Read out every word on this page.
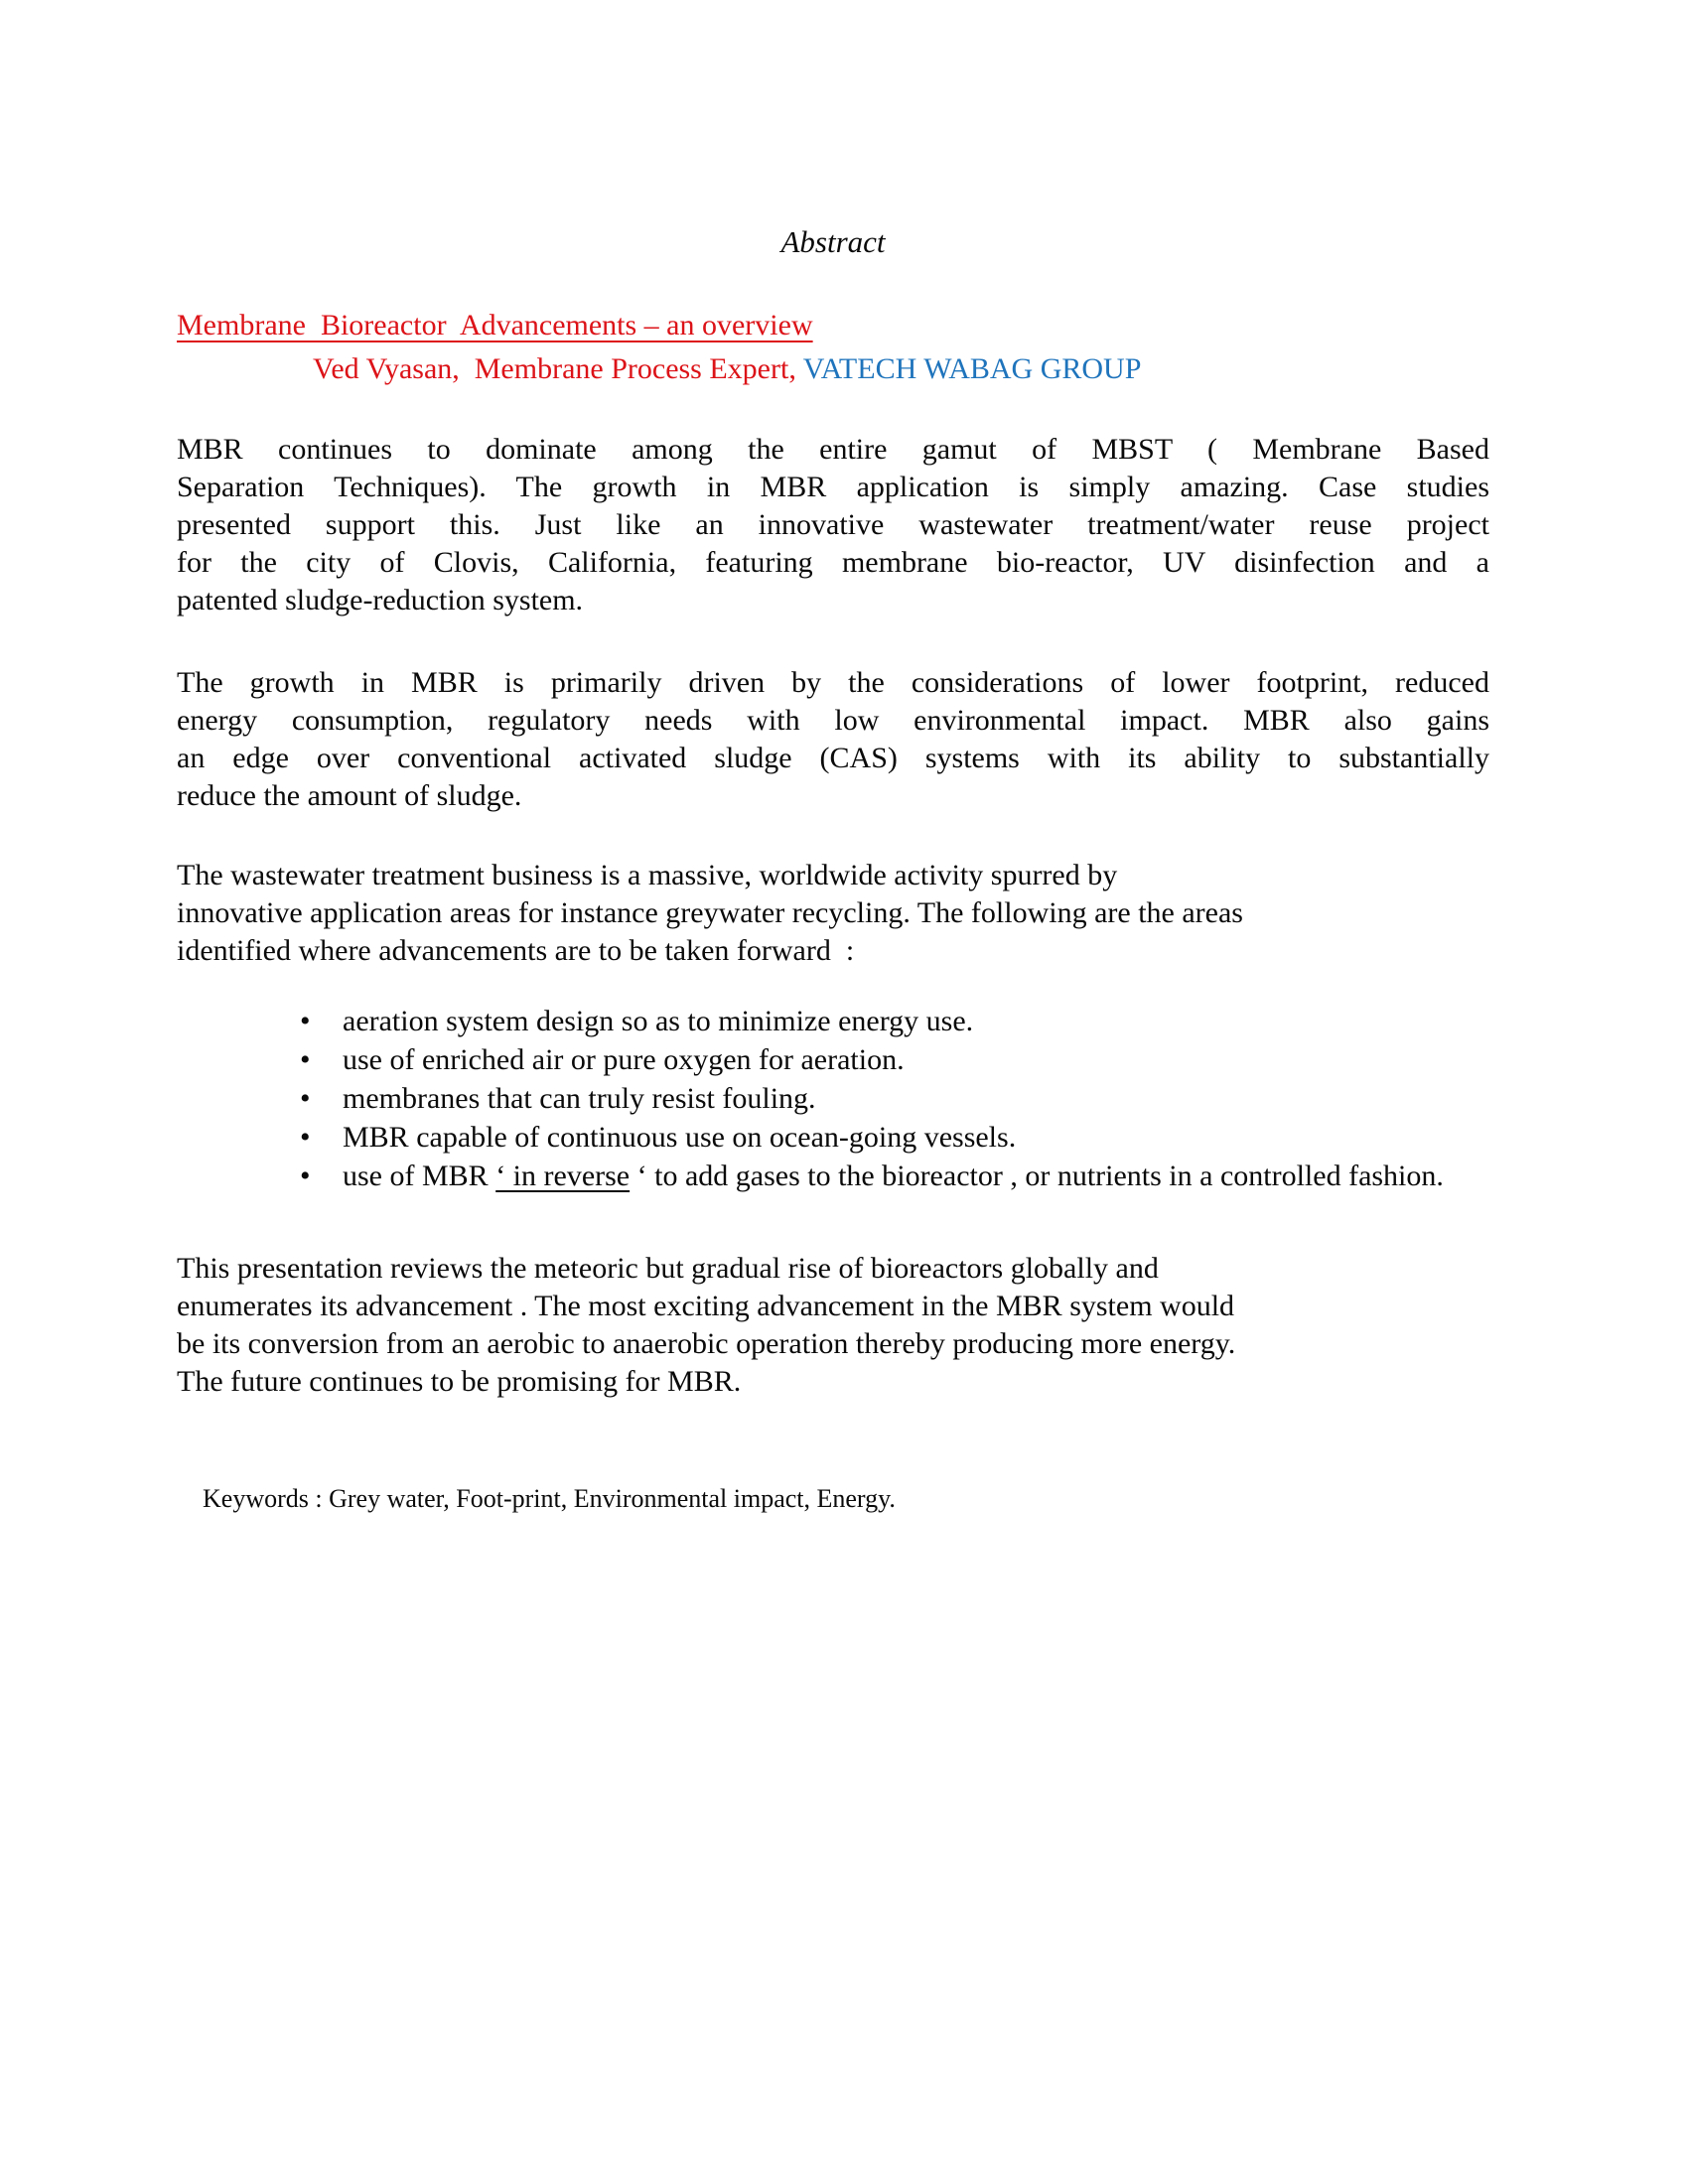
Abstract
Membrane  Bioreactor  Advancements – an overview
Ved Vyasan,  Membrane Process Expert, VATECH WABAG GROUP
MBR continues to dominate among the entire gamut of MBST ( Membrane Based
Separation Techniques). The growth in MBR application is simply amazing. Case studies
presented support this. Just like an innovative wastewater treatment/water reuse project
for the city of Clovis, California, featuring membrane bio-reactor, UV disinfection and a
patented sludge-reduction system.
The growth in MBR is primarily driven by the considerations of lower footprint, reduced
energy consumption, regulatory needs with low environmental impact. MBR also gains
an edge over conventional activated sludge (CAS) systems with its ability to substantially
reduce the amount of sludge.
The wastewater treatment business is a massive, worldwide activity spurred by
innovative application areas for instance greywater recycling. The following are the areas
identified where advancements are to be taken forward  :
• aeration system design so as to minimize energy use.
• use of enriched air or pure oxygen for aeration.
• membranes that can truly resist fouling.
• MBR capable of continuous use on ocean-going vessels.
• use of MBR ‘ in reverse ‘ to add gases to the bioreactor , or nutrients in a controlled fashion.
This presentation reviews the meteoric but gradual rise of bioreactors globally and
enumerates its advancement . The most exciting advancement in the MBR system would
be its conversion from an aerobic to anaerobic operation thereby producing more energy.
The future continues to be promising for MBR.

Keywords : Grey water, Foot-print, Environmental impact, Energy.
